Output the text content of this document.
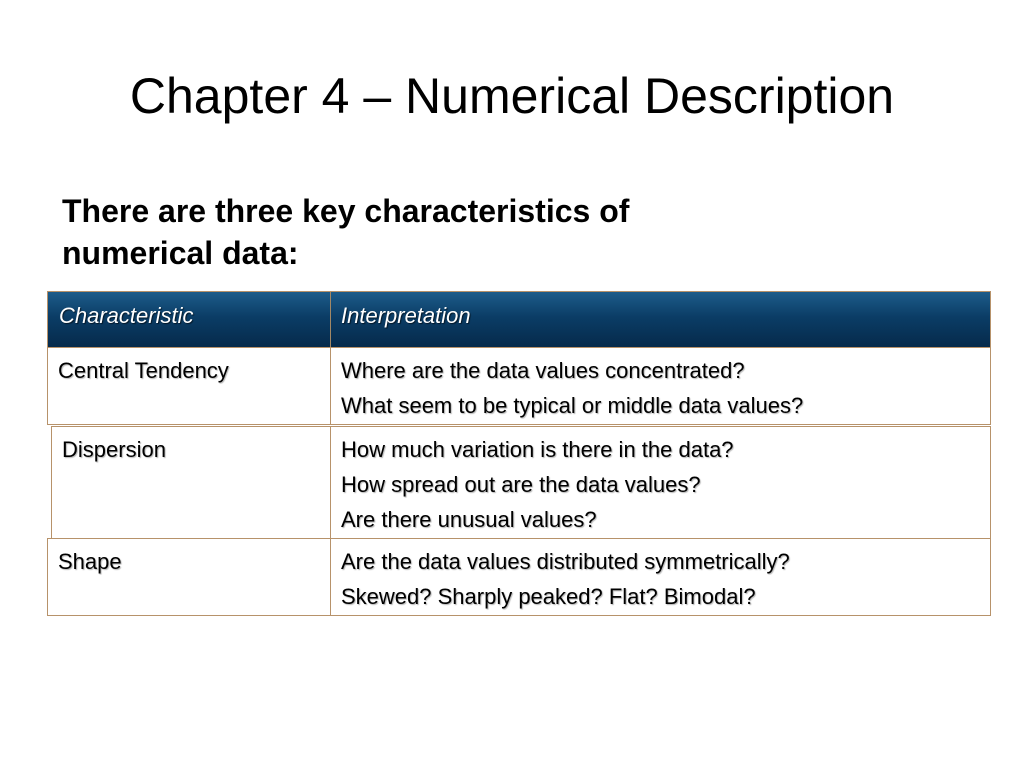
Chapter 4 – Numerical Description

There are three key characteristics of
numerical data:

Characteristic	Interpretation
Central Tendency	Where are the data values concentrated?
What seem to be typical or middle data values?
Dispersion	How much variation is there in the data?
How spread out are the data values?
Are there unusual values?
Shape	Are the data values distributed symmetrically?
Skewed? Sharply peaked? Flat? Bimodal?
